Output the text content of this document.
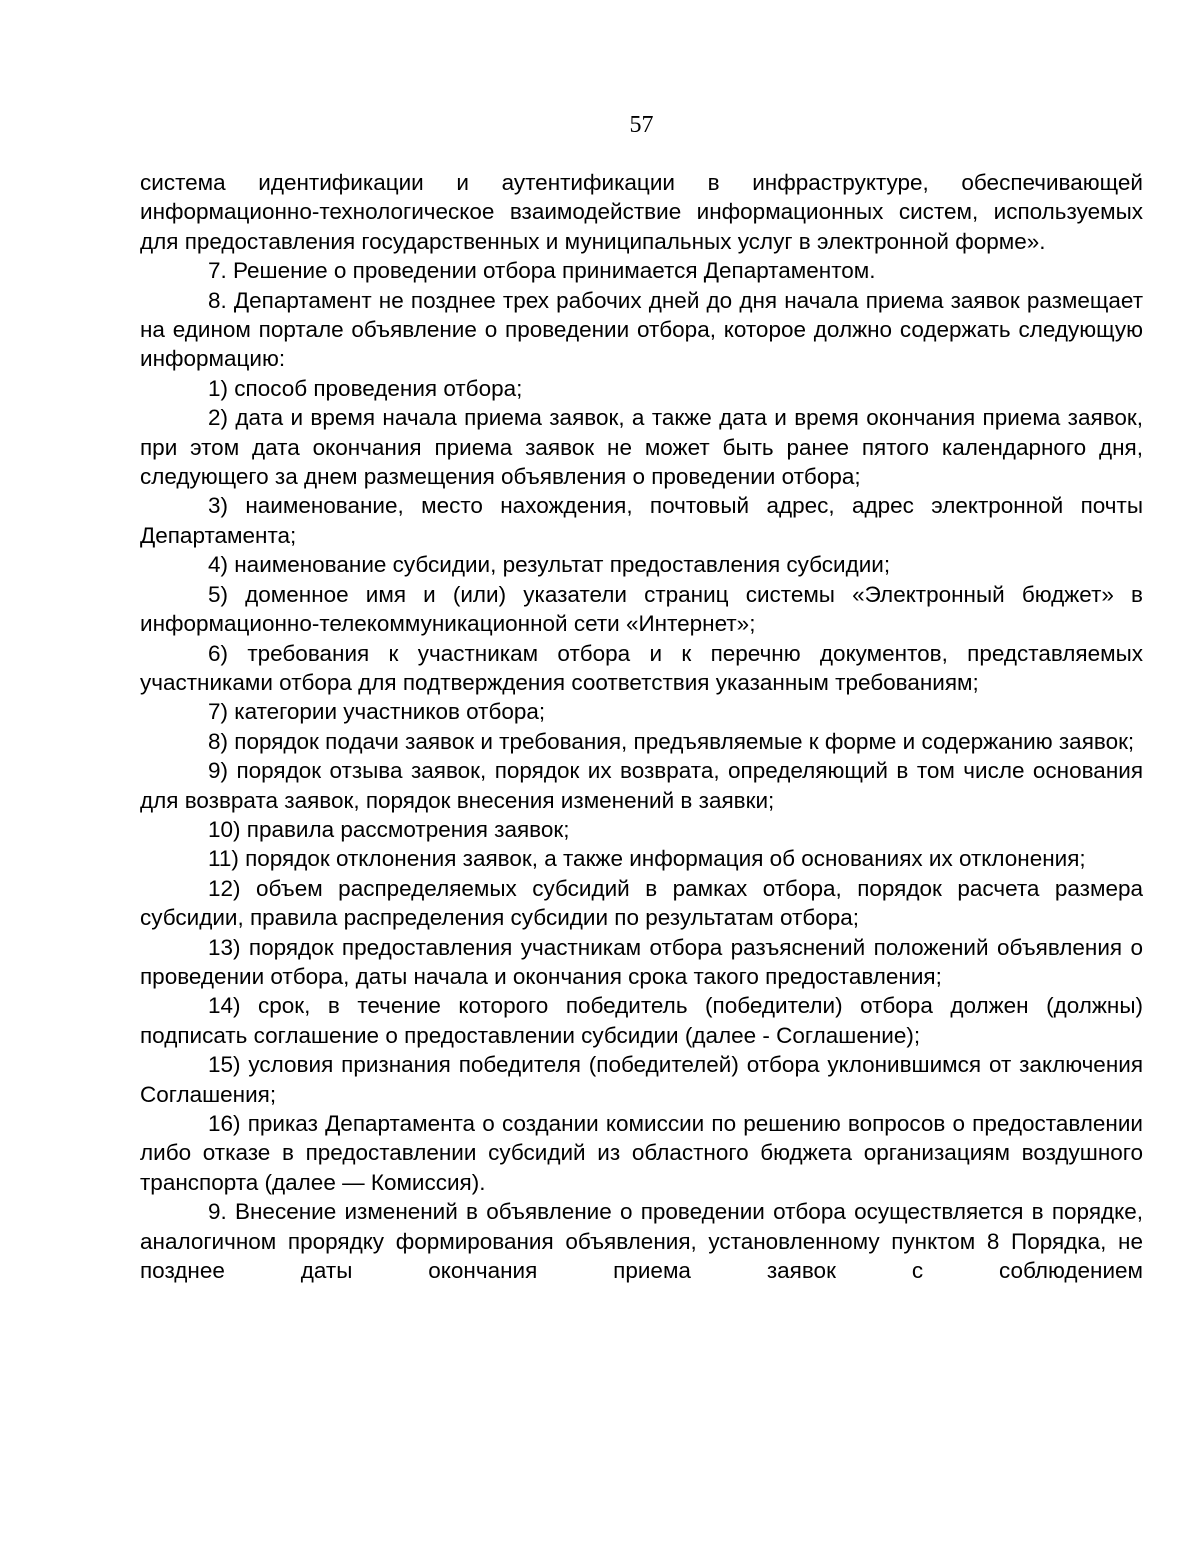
57

система идентификации и аутентификации в инфраструктуре, обеспечивающей информационно-технологическое взаимодействие информационных систем, используемых для предоставления государственных и муниципальных услуг в электронной форме».

7. Решение о проведении отбора принимается Департаментом.

8. Департамент не позднее трех рабочих дней до дня начала приема заявок размещает на едином портале объявление о проведении отбора, которое должно содержать следующую информацию:

1) способ проведения отбора;

2) дата и время начала приема заявок, а также дата и время окончания приема заявок, при этом дата окончания приема заявок не может быть ранее пятого календарного дня, следующего за днем размещения объявления о проведении отбора;

3) наименование, место нахождения, почтовый адрес, адрес электронной почты Департамента;

4) наименование субсидии, результат предоставления субсидии;

5) доменное имя и (или) указатели страниц системы «Электронный бюджет» в информационно-телекоммуникационной сети «Интернет»;

6) требования к участникам отбора и к перечню документов, представляемых участниками отбора для подтверждения соответствия указанным требованиям;

7) категории участников отбора;

8) порядок подачи заявок и требования, предъявляемые к форме и содержанию заявок;

9) порядок отзыва заявок, порядок их возврата, определяющий в том числе основания для возврата заявок, порядок внесения изменений в заявки;

10) правила рассмотрения заявок;

11) порядок отклонения заявок, а также информация об основаниях их отклонения;

12) объем распределяемых субсидий в рамках отбора, порядок расчета размера субсидии, правила распределения субсидии по результатам отбора;

13) порядок предоставления участникам отбора разъяснений положений объявления о проведении отбора, даты начала и окончания срока такого предоставления;

14) срок, в течение которого победитель (победители) отбора должен (должны) подписать соглашение о предоставлении субсидии (далее - Соглашение);

15) условия признания победителя (победителей) отбора уклонившимся от заключения Соглашения;

16) приказ Департамента о создании комиссии по решению вопросов о предоставлении либо отказе в предоставлении субсидий из областного бюджета организациям воздушного транспорта (далее — Комиссия).

9. Внесение изменений в объявление о проведении отбора осуществляется в порядке, аналогичном прорядку формирования объявления, установленному пунктом 8 Порядка, не позднее даты окончания приема заявок с соблюдением
